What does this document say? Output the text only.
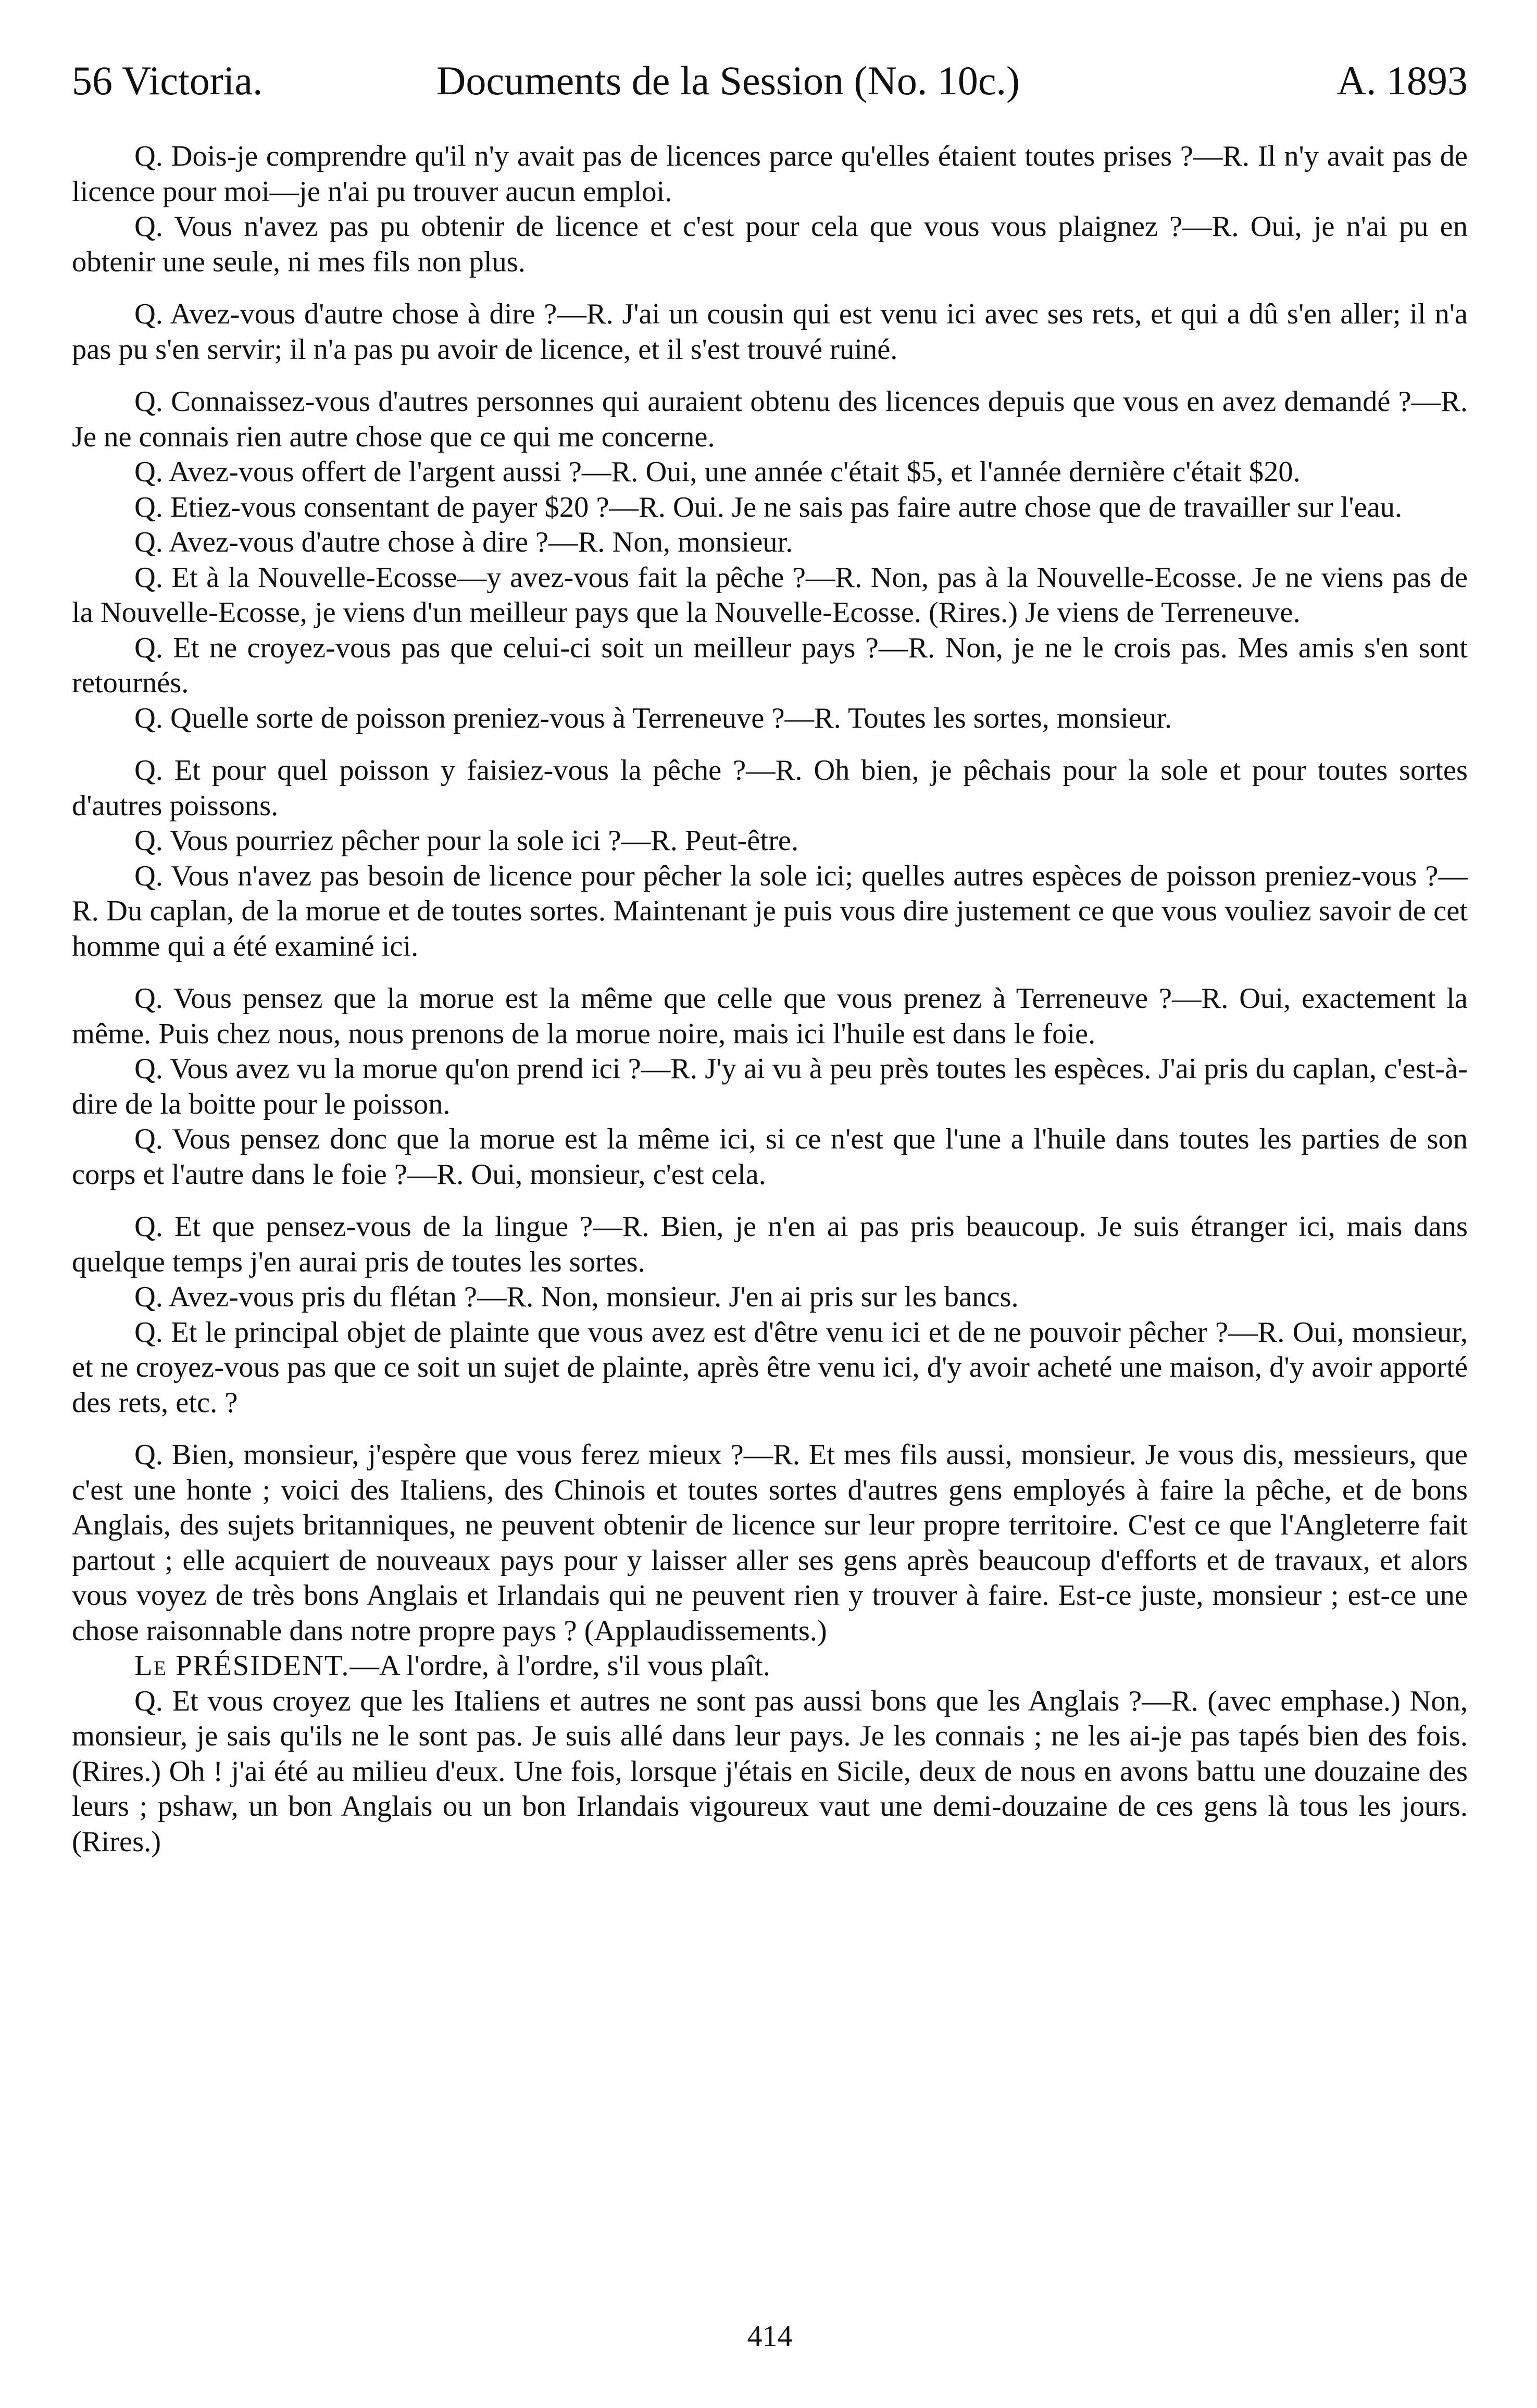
56 Victoria.	Documents de la Session (No. 10c.)	A. 1893

Q. Dois-je comprendre qu'il n'y avait pas de licences parce qu'elles étaient toutes prises ?—R. Il n'y avait pas de licence pour moi—je n'ai pu trouver aucun emploi.

Q. Vous n'avez pas pu obtenir de licence et c'est pour cela que vous vous plaignez ?—R. Oui, je n'ai pu en obtenir une seule, ni mes fils non plus.

Q. Avez-vous d'autre chose à dire ?—R. J'ai un cousin qui est venu ici avec ses rets, et qui a dû s'en aller; il n'a pas pu s'en servir; il n'a pas pu avoir de licence, et il s'est trouvé ruiné.

Q. Connaissez-vous d'autres personnes qui auraient obtenu des licences depuis que vous en avez demandé ?—R. Je ne connais rien autre chose que ce qui me concerne.

Q. Avez-vous offert de l'argent aussi ?—R. Oui, une année c'était $5, et l'année dernière c'était $20.

Q. Etiez-vous consentant de payer $20 ?—R. Oui. Je ne sais pas faire autre chose que de travailler sur l'eau.

Q. Avez-vous d'autre chose à dire ?—R. Non, monsieur.

Q. Et à la Nouvelle-Ecosse—y avez-vous fait la pêche ?—R. Non, pas à la Nouvelle-Ecosse. Je ne viens pas de la Nouvelle-Ecosse, je viens d'un meilleur pays que la Nouvelle-Ecosse. (Rires.) Je viens de Terreneuve.

Q. Et ne croyez-vous pas que celui-ci soit un meilleur pays ?—R. Non, je ne le crois pas. Mes amis s'en sont retournés.

Q. Quelle sorte de poisson preniez-vous à Terreneuve ?—R. Toutes les sortes, monsieur.

Q. Et pour quel poisson y faisiez-vous la pêche ?—R. Oh bien, je pêchais pour la sole et pour toutes sortes d'autres poissons.

Q. Vous pourriez pêcher pour la sole ici ?—R. Peut-être.

Q. Vous n'avez pas besoin de licence pour pêcher la sole ici; quelles autres espèces de poisson preniez-vous ?—R. Du caplan, de la morue et de toutes sortes. Maintenant je puis vous dire justement ce que vous vouliez savoir de cet homme qui a été examiné ici.

Q. Vous pensez que la morue est la même que celle que vous prenez à Terreneuve ?—R. Oui, exactement la même. Puis chez nous, nous prenons de la morue noire, mais ici l'huile est dans le foie.

Q. Vous avez vu la morue qu'on prend ici ?—R. J'y ai vu à peu près toutes les espèces. J'ai pris du caplan, c'est-à-dire de la boitte pour le poisson.

Q. Vous pensez donc que la morue est la même ici, si ce n'est que l'une a l'huile dans toutes les parties de son corps et l'autre dans le foie ?—R. Oui, monsieur, c'est cela.

Q. Et que pensez-vous de la lingue ?—R. Bien, je n'en ai pas pris beaucoup. Je suis étranger ici, mais dans quelque temps j'en aurai pris de toutes les sortes.

Q. Avez-vous pris du flétan ?—R. Non, monsieur. J'en ai pris sur les bancs.

Q. Et le principal objet de plainte que vous avez est d'être venu ici et de ne pouvoir pêcher ?—R. Oui, monsieur, et ne croyez-vous pas que ce soit un sujet de plainte, après être venu ici, d'y avoir acheté une maison, d'y avoir apporté des rets, etc. ?

Q. Bien, monsieur, j'espère que vous ferez mieux ?—R. Et mes fils aussi, monsieur. Je vous dis, messieurs, que c'est une honte ; voici des Italiens, des Chinois et toutes sortes d'autres gens employés à faire la pêche, et de bons Anglais, des sujets britanniques, ne peuvent obtenir de licence sur leur propre territoire. C'est ce que l'Angleterre fait partout ; elle acquiert de nouveaux pays pour y laisser aller ses gens après beaucoup d'efforts et de travaux, et alors vous voyez de très bons Anglais et Irlandais qui ne peuvent rien y trouver à faire. Est-ce juste, monsieur ; est-ce une chose raisonnable dans notre propre pays ? (Applaudissements.)

Le PRÉSIDENT.—A l'ordre, à l'ordre, s'il vous plaît.

Q. Et vous croyez que les Italiens et autres ne sont pas aussi bons que les Anglais ?—R. (avec emphase.) Non, monsieur, je sais qu'ils ne le sont pas. Je suis allé dans leur pays. Je les connais ; ne les ai-je pas tapés bien des fois. (Rires.) Oh ! j'ai été au milieu d'eux. Une fois, lorsque j'étais en Sicile, deux de nous en avons battu une douzaine des leurs ; pshaw, un bon Anglais ou un bon Irlandais vigoureux vaut une demi-douzaine de ces gens là tous les jours. (Rires.)

414
